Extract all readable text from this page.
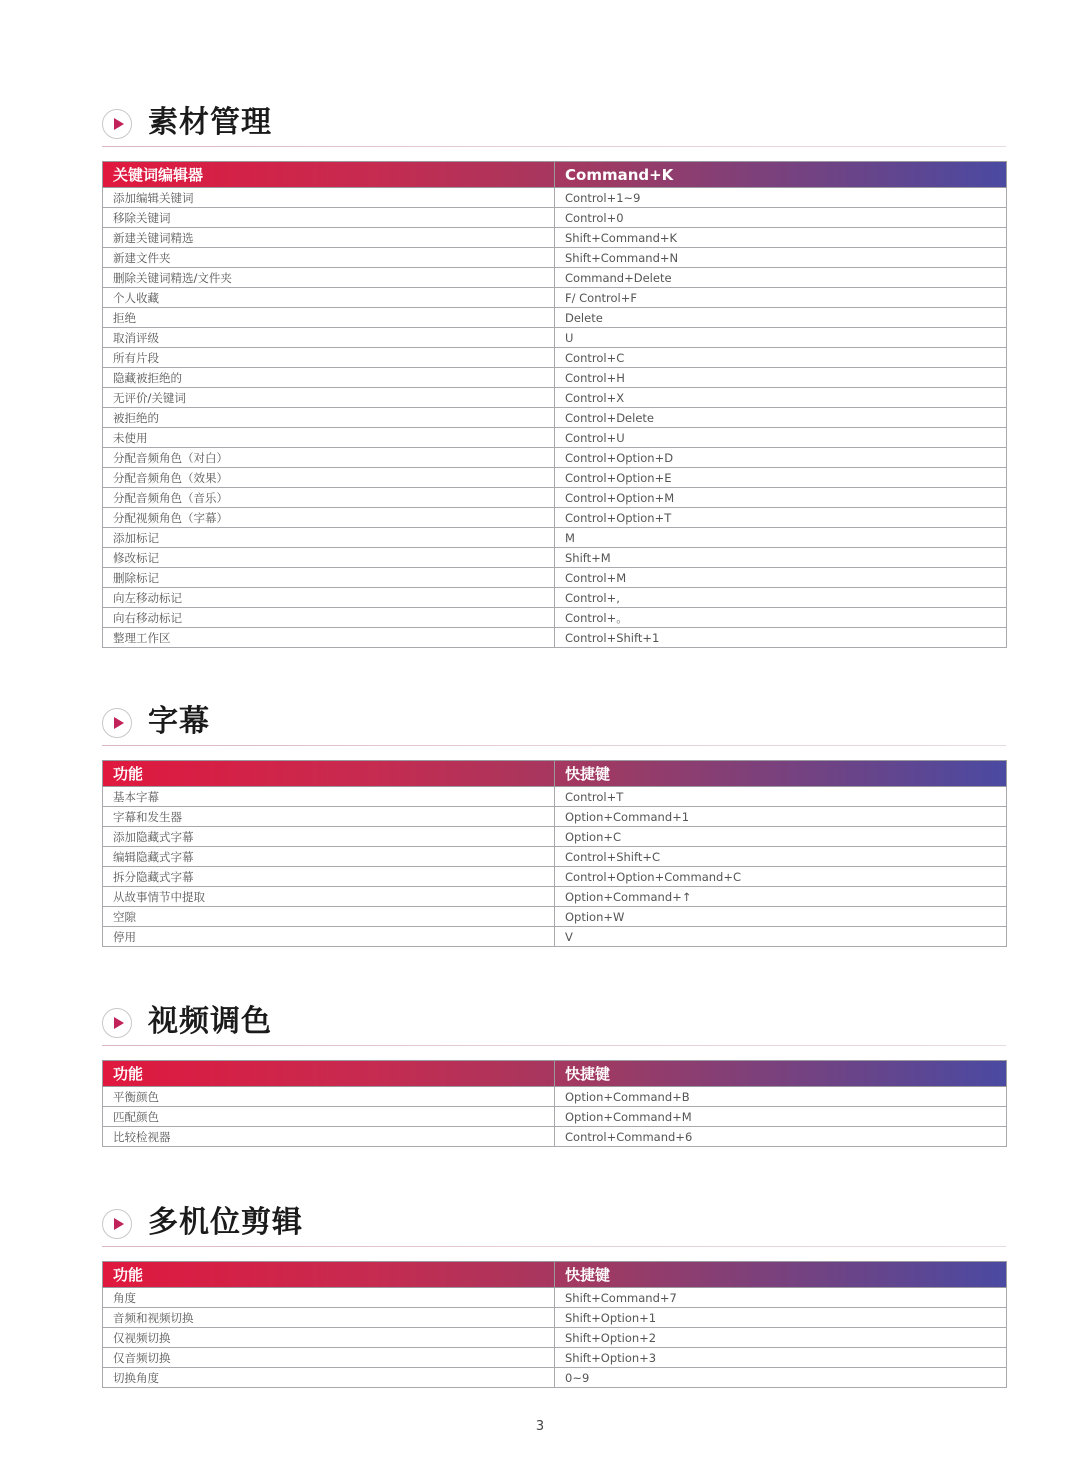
素材管理
关键词编辑器	Command+K
添加编辑关键词	Control+1~9
移除关键词	Control+0
新建关键词精选	Shift+Command+K
新建文件夹	Shift+Command+N
删除关键词精选/文件夹	Command+Delete
个人收藏	F/ Control+F
拒绝	Delete
取消评级	U
所有片段	Control+C
隐藏被拒绝的	Control+H
无评价/关键词	Control+X
被拒绝的	Control+Delete
未使用	Control+U
分配音频角色（对白）	Control+Option+D
分配音频角色（效果）	Control+Option+E
分配音频角色（音乐）	Control+Option+M
分配视频角色（字幕）	Control+Option+T
添加标记	M
修改标记	Shift+M
删除标记	Control+M
向左移动标记	Control+,
向右移动标记	Control+。
整理工作区	Control+Shift+1
字幕
功能	快捷键
基本字幕	Control+T
字幕和发生器	Option+Command+1
添加隐藏式字幕	Option+C
编辑隐藏式字幕	Control+Shift+C
拆分隐藏式字幕	Control+Option+Command+C
从故事情节中提取	Option+Command+↑
空隙	Option+W
停用	V
视频调色
功能	快捷键
平衡颜色	Option+Command+B
匹配颜色	Option+Command+M
比较检视器	Control+Command+6
多机位剪辑
功能	快捷键
角度	Shift+Command+7
音频和视频切换	Shift+Option+1
仅视频切换	Shift+Option+2
仅音频切换	Shift+Option+3
切换角度	0~9
3
